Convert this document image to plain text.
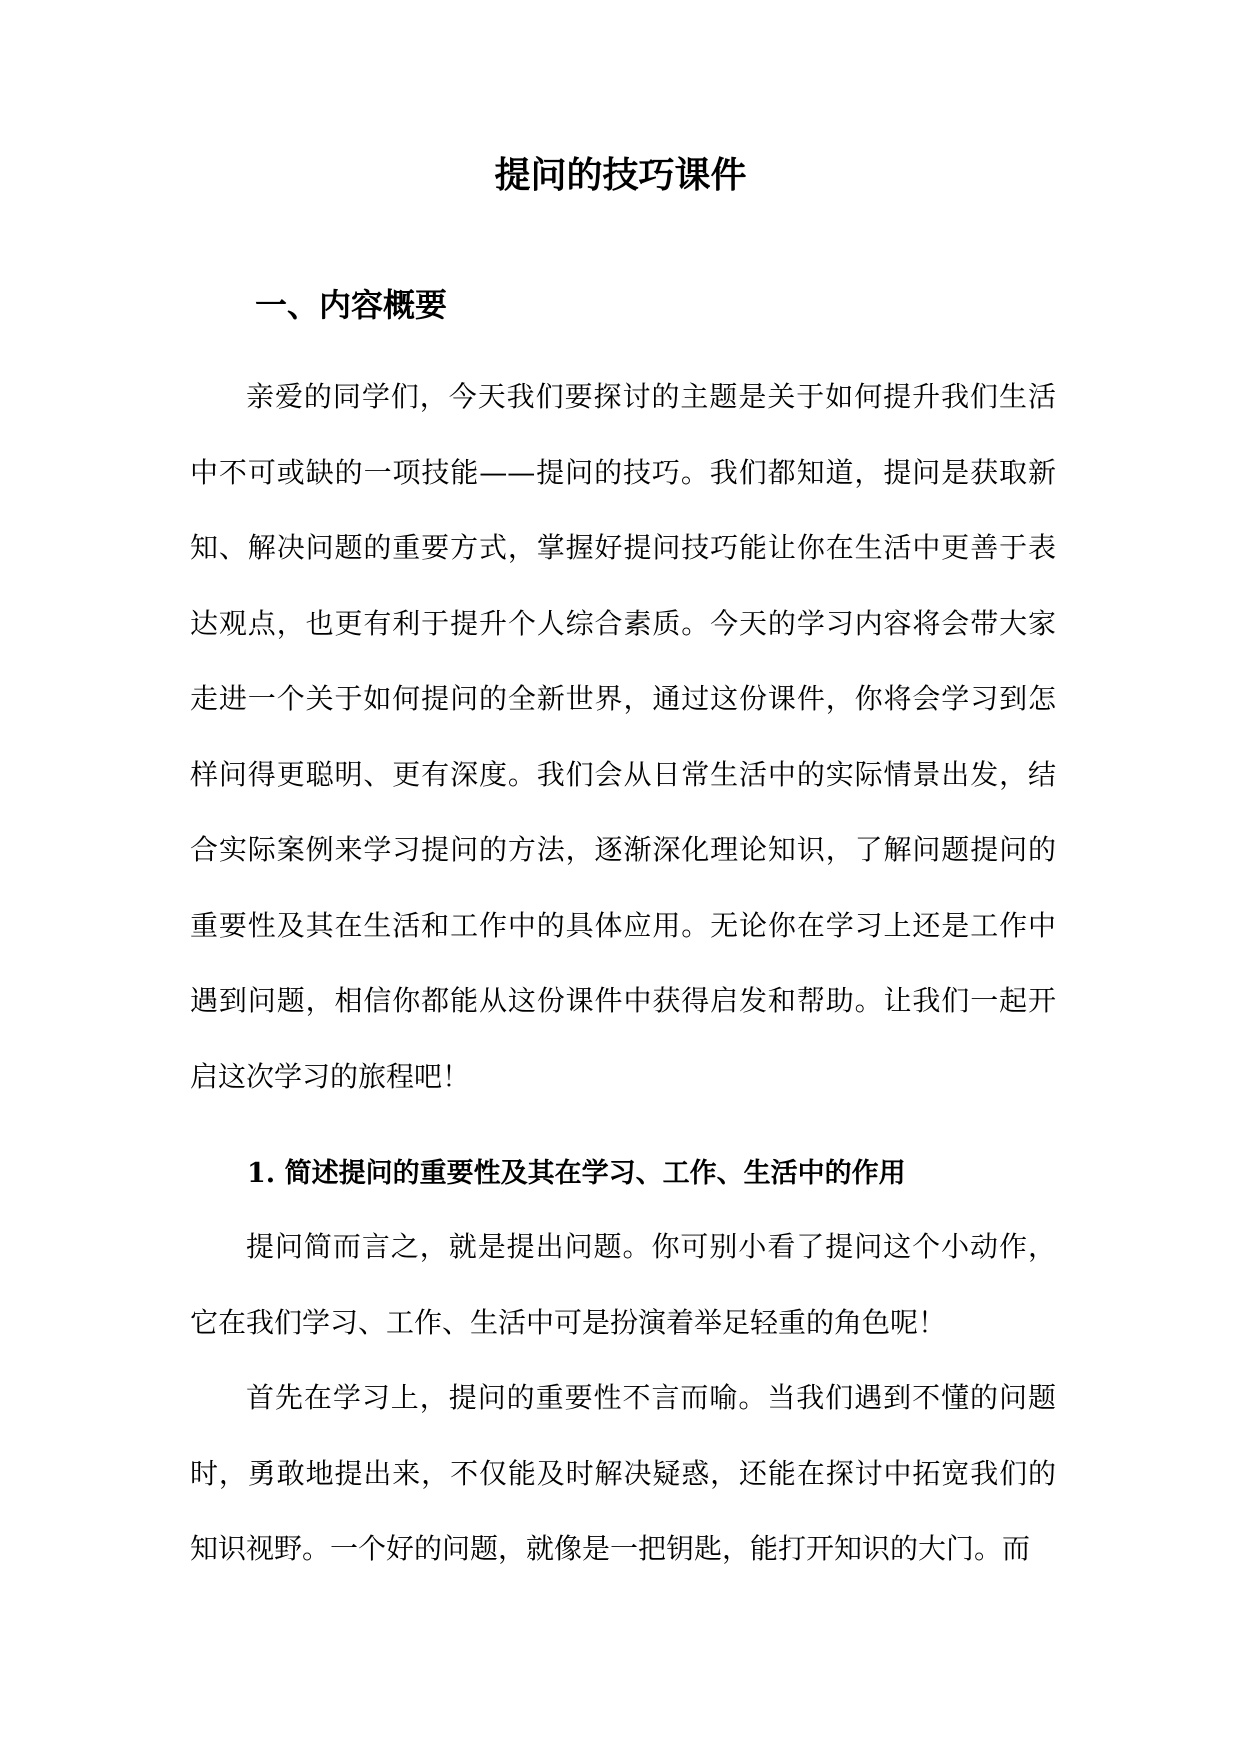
提问的技巧课件
一、内容概要

亲爱的同学们，今天我们要探讨的主题是关于如何提升我们生活中不可或缺的一项技能——提问的技巧。我们都知道，提问是获取新知、解决问题的重要方式，掌握好提问技巧能让你在生活中更善于表达观点，也更有利于提升个人综合素质。今天的学习内容将会带大家走进一个关于如何提问的全新世界，通过这份课件，你将会学习到怎样问得更聪明、更有深度。我们会从日常生活中的实际情景出发，结合实际案例来学习提问的方法，逐渐深化理论知识，了解问题提问的重要性及其在生活和工作中的具体应用。无论你在学习上还是工作中遇到问题，相信你都能从这份课件中获得启发和帮助。让我们一起开启这次学习的旅程吧！

1. 简述提问的重要性及其在学习、工作、生活中的作用

提问简而言之，就是提出问题。你可别小看了提问这个小动作，它在我们学习、工作、生活中可是扮演着举足轻重的角色呢！

首先在学习上，提问的重要性不言而喻。当我们遇到不懂的问题时，勇敢地提出来，不仅能及时解决疑惑，还能在探讨中拓宽我们的知识视野。一个好的问题，就像是一把钥匙，能打开知识的大门。而
